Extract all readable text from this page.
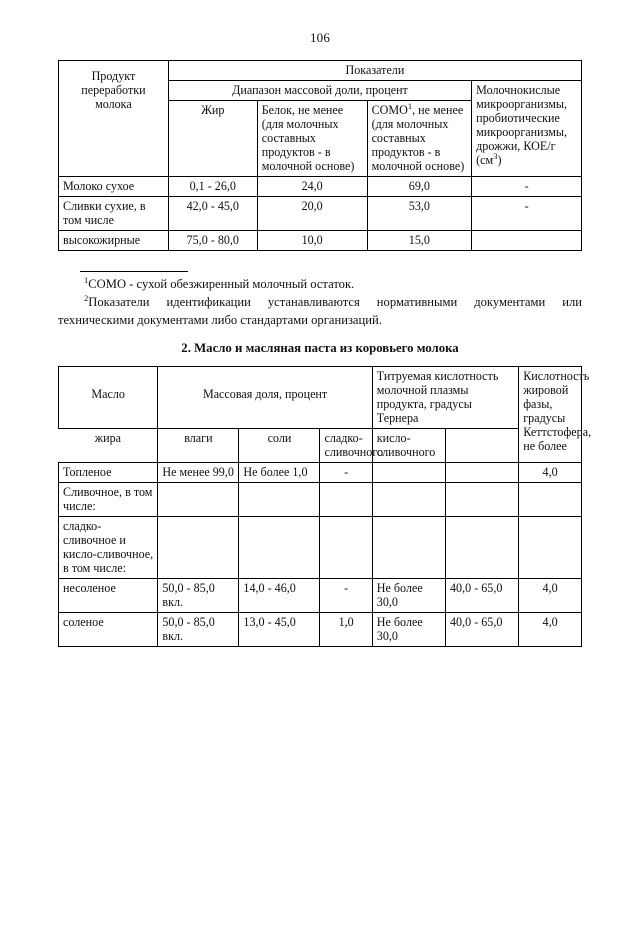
106
Продукт
переработки
молока	Показатели			
	Диапазон массовой доли, процент			Молочнокислые микроорганизмы, пробиотические микроорганизмы, дрожжи, КОЕ/г $(см^3)$
	Жир	Белок, не менее (для молочных составных продуктов - в молочной основе)	СОМО$^1$, не менее (для молочных составных продуктов - в молочной основе)	
Молоко сухое	0,1 - 26,0	24,0	69,0	-
Сливки сухие, в том числе	42,0 - 45,0	20,0	53,0	-
высокожирные	75,0 - 80,0	10,0	15,0	
$^1$СОМО - сухой обезжиренный молочный остаток.
$^2$Показатели идентификации устанавливаются нормативными документами или техническими документами либо стандартами организаций.
2. Масло и масляная паста из коровьего молока
Масло	Массовая доля, процент			Титруемая кислотность молочной плазмы продукта, градусы Тернера		Кислотность жировой фазы, градусы Кеттстофера, не более

жира	влаги	соли	сладко-сливочного	кисло-сливочного		
Топленое	Не менее 99,0	Не более 1,0	-			4,0
Сливочное, в том числе:						
сладко-сливочное и кисло-сливочное, в том числе:						
несоленое	50,0 - 85,0 вкл.	14,0 - 46,0	-	Не более 30,0	40,0 - 65,0	4,0
соленое	50,0 - 85,0 вкл.	13,0 - 45,0	1,0	Не более 30,0	40,0 - 65,0	4,0
